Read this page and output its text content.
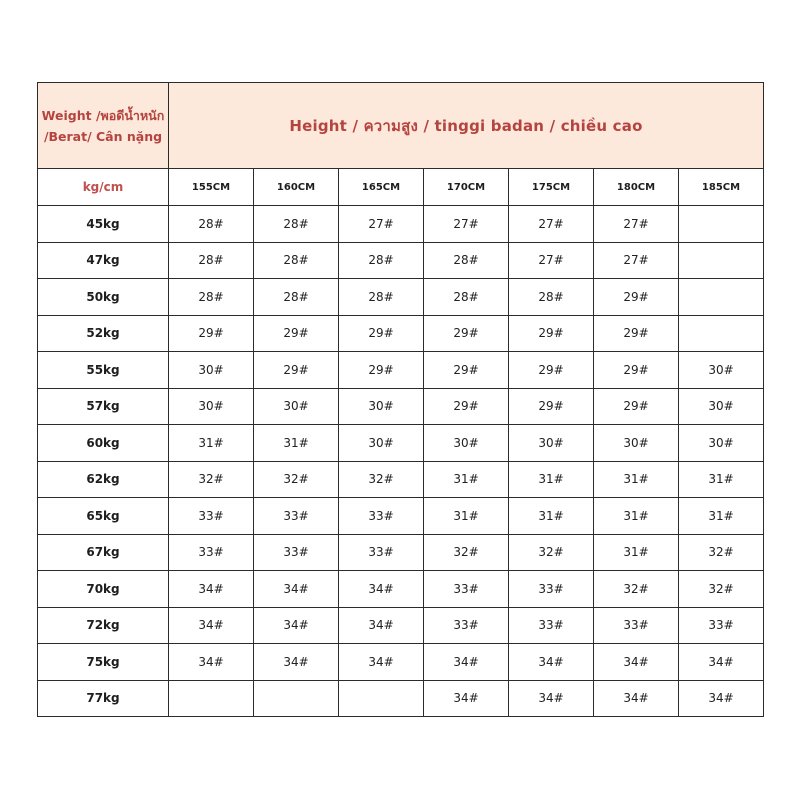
Weight /พอดีน้ำหนัก /Berat/ Cân nặng	Height / ความสูง / tinggi badan / chiều cao						
kg/cm	155CM	160CM	165CM	170CM	175CM	180CM	185CM
45kg	28#	28#	27#	27#	27#	27#	
47kg	28#	28#	28#	28#	27#	27#	
50kg	28#	28#	28#	28#	28#	29#	
52kg	29#	29#	29#	29#	29#	29#	
55kg	30#	29#	29#	29#	29#	29#	30#
57kg	30#	30#	30#	29#	29#	29#	30#
60kg	31#	31#	30#	30#	30#	30#	30#
62kg	32#	32#	32#	31#	31#	31#	31#
65kg	33#	33#	33#	31#	31#	31#	31#
67kg	33#	33#	33#	32#	32#	31#	32#
70kg	34#	34#	34#	33#	33#	32#	32#
72kg	34#	34#	34#	33#	33#	33#	33#
75kg	34#	34#	34#	34#	34#	34#	34#
77kg				34#	34#	34#	34#
